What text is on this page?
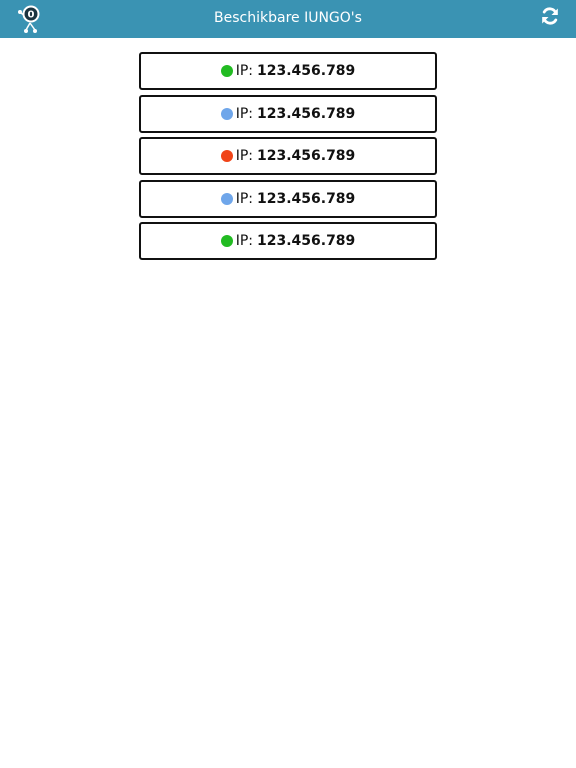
0	Beschikbare IUNGO's
IP: 123.456.789
IP: 123.456.789
IP: 123.456.789
IP: 123.456.789
IP: 123.456.789
